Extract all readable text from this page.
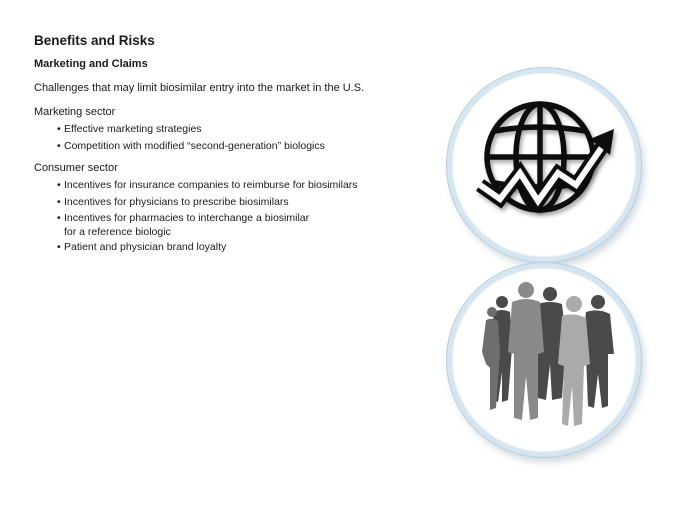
Benefits and Risks
Marketing and Claims

Challenges that may limit biosimilar entry into the market in the U.S.

Marketing sector

• Effective marketing strategies
• Competition with modified “second-generation” biologics

Consumer sector

• Incentives for insurance companies to reimburse for biosimilars
• Incentives for physicians to prescribe biosimilars
• Incentives for pharmacies to interchange a biosimilar
for a reference biologic
• Patient and physician brand loyalty
